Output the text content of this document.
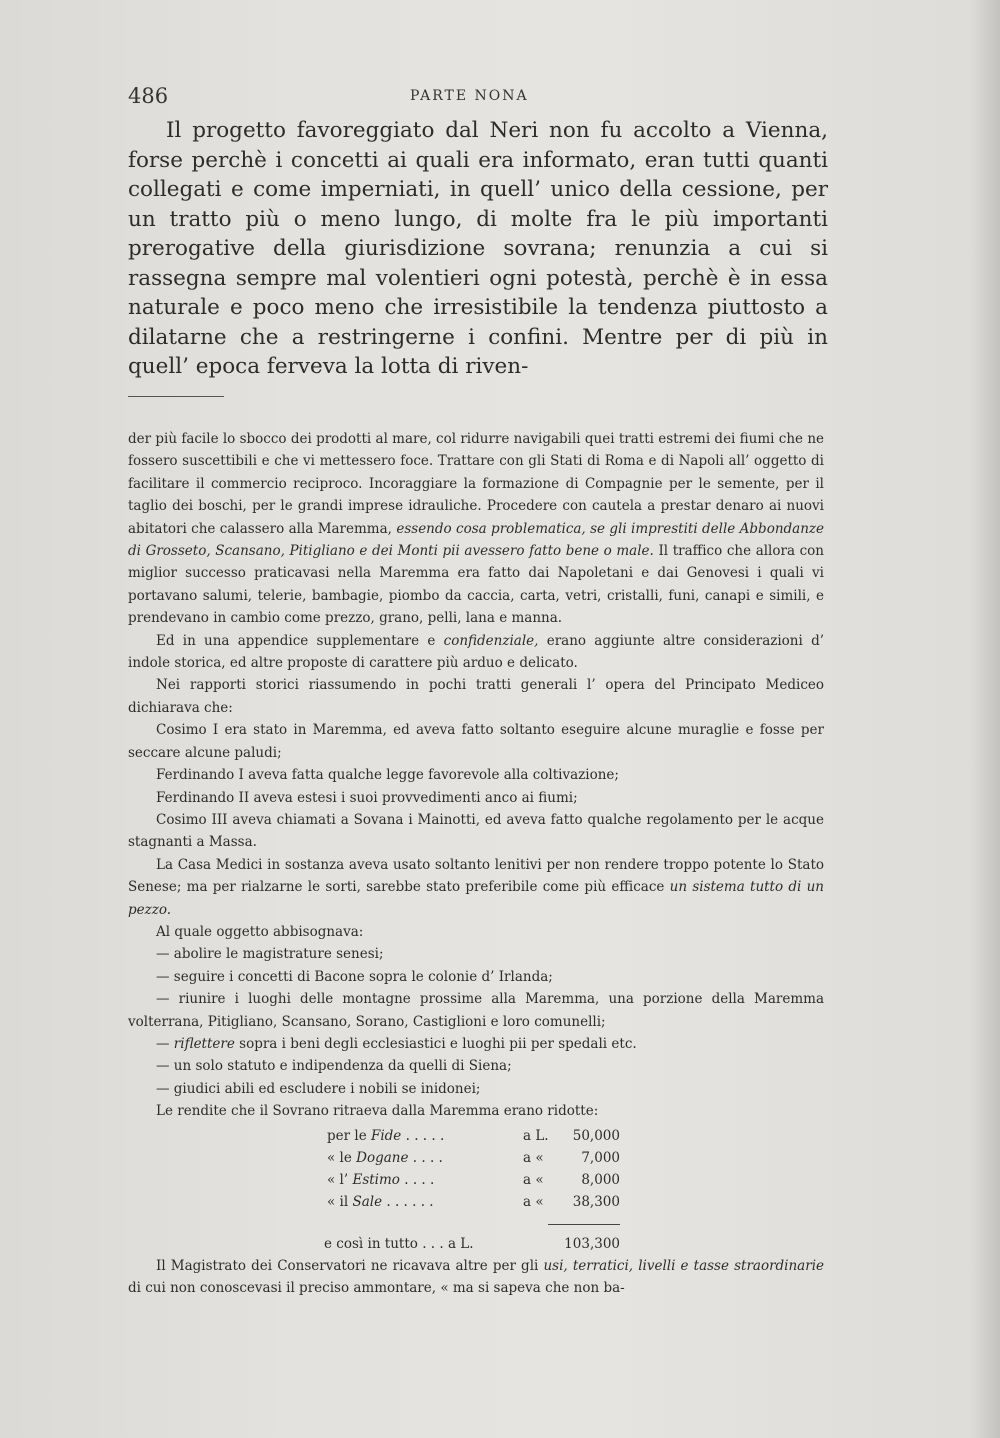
486	PARTE NONA

Il progetto favoreggiato dal Neri non fu accolto a Vienna, forse perchè i concetti ai quali era informato, eran tutti quanti collegati e come imperniati, in quell’ unico della cessione, per un tratto più o meno lungo, di molte fra le più importanti prerogative della giurisdizione sovrana; renunzia a cui si rassegna sempre mal volentieri ogni potestà, perchè è in essa naturale e poco meno che irresistibile la tendenza piuttosto a dilatarne che a restringerne i confini. Mentre per di più in quell’ epoca ferveva la lotta di riven-

der più facile lo sbocco dei prodotti al mare, col ridurre navigabili quei tratti estremi dei fiumi che ne fossero suscettibili e che vi mettessero foce. Trattare con gli Stati di Roma e di Napoli all’ oggetto di facilitare il commercio reciproco. Incoraggiare la formazione di Compagnie per le semente, per il taglio dei boschi, per le grandi imprese idrauliche. Procedere con cautela a prestar denaro ai nuovi abitatori che calassero alla Maremma, essendo cosa problematica, se gli imprestiti delle Abbondanze di Grosseto, Scansano, Pitigliano e dei Monti pii avessero fatto bene o male. Il traffico che allora con miglior successo praticavasi nella Maremma era fatto dai Napoletani e dai Genovesi i quali vi portavano salumi, telerie, bambagie, piombo da caccia, carta, vetri, cristalli, funi, canapi e simili, e prendevano in cambio come prezzo, grano, pelli, lana e manna.

Ed in una appendice supplementare e confidenziale, erano aggiunte altre considerazioni d’ indole storica, ed altre proposte di carattere più arduo e delicato.

Nei rapporti storici riassumendo in pochi tratti generali l’ opera del Principato Mediceo dichiarava che:

Cosimo I era stato in Maremma, ed aveva fatto soltanto eseguire alcune muraglie e fosse per seccare alcune paludi;

Ferdinando I aveva fatta qualche legge favorevole alla coltivazione;

Ferdinando II aveva estesi i suoi provvedimenti anco ai fiumi;

Cosimo III aveva chiamati a Sovana i Mainotti, ed aveva fatto qualche regolamento per le acque stagnanti a Massa.

La Casa Medici in sostanza aveva usato soltanto lenitivi per non rendere troppo potente lo Stato Senese; ma per rialzarne le sorti, sarebbe stato preferibile come più efficace un sistema tutto di un pezzo.

Al quale oggetto abbisognava:

— abolire le magistrature senesi;

— seguire i concetti di Bacone sopra le colonie d’ Irlanda;

— riunire i luoghi delle montagne prossime alla Maremma, una porzione della Maremma volterrana, Pitigliano, Scansano, Sorano, Castiglioni e loro comunelli;

— riflettere sopra i beni degli ecclesiastici e luoghi pii per spedali etc.

— un solo statuto e indipendenza da quelli di Siena;

— giudici abili ed escludere i nobili se inidonei;

Le rendite che il Sovrano ritraeva dalla Maremma erano ridotte:

per le Fide . . . . .	a L. 50,000
« le Dogane . . . .	a «	7,000
« l’ Estimo . . . .	a «	8,000
« il Sale . . . . . .	a « 38,300
e così in tutto . . . a L.	103,300

Il Magistrato dei Conservatori ne ricavava altre per gli usi, terratici, livelli e tasse straordinarie di cui non conoscevasi il preciso ammontare, « ma si sapeva che non ba-
